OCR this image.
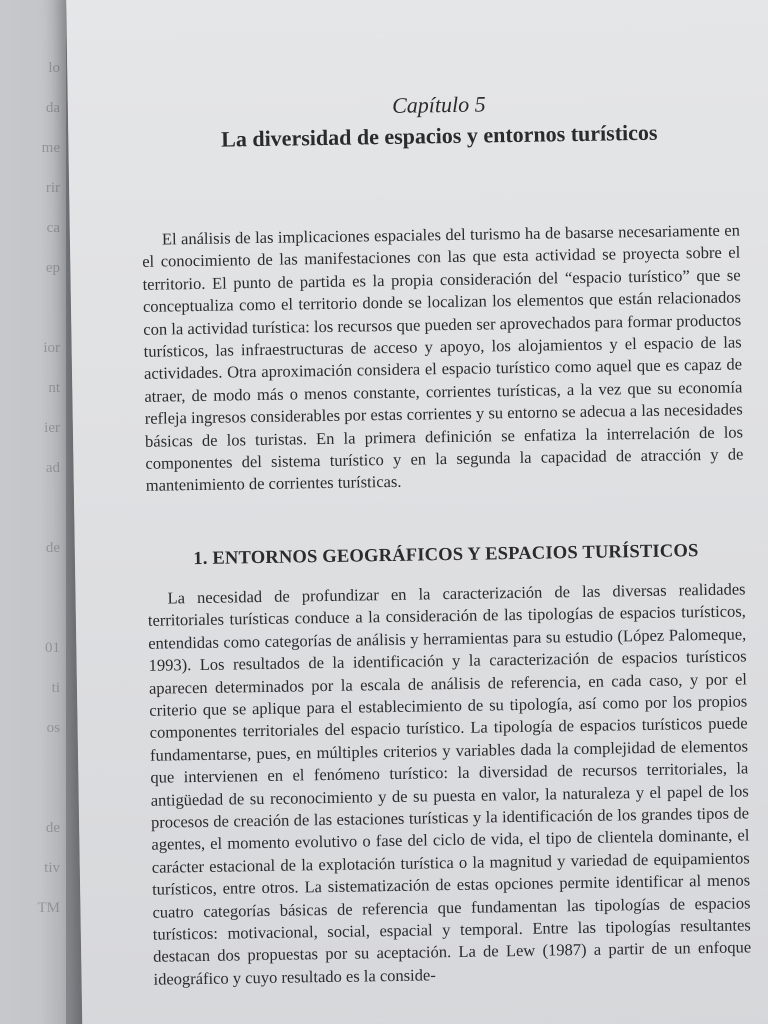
lo
da
me
rir
ca
ep
ior
nt
ier
ad
de
01
ti
os
de
tiv
TM

Capítulo 5

La diversidad de espacios y entornos turísticos

El análisis de las implicaciones espaciales del turismo ha de basarse necesariamente en el conocimiento de las manifestaciones con las que esta actividad se proyecta sobre el territorio. El punto de partida es la propia consideración del “espacio turístico” que se conceptualiza como el territorio donde se localizan los elementos que están relacionados con la actividad turística: los recursos que pueden ser aprovechados para formar productos turísticos, las infraestructuras de acceso y apoyo, los alojamientos y el espacio de las actividades. Otra aproximación considera el espacio turístico como aquel que es capaz de atraer, de modo más o menos constante, corrientes turísticas, a la vez que su economía refleja ingresos considerables por estas corrientes y su entorno se adecua a las necesidades básicas de los turistas. En la primera definición se enfatiza la interrelación de los componentes del sistema turístico y en la segunda la capacidad de atracción y de mantenimiento de corrientes turísticas.

1. ENTORNOS GEOGRÁFICOS Y ESPACIOS TURÍSTICOS

La necesidad de profundizar en la caracterización de las diversas realidades territoriales turísticas conduce a la consideración de las tipologías de espacios turísticos, entendidas como categorías de análisis y herramientas para su estudio (López Palomeque, 1993). Los resultados de la identificación y la caracterización de espacios turísticos aparecen determinados por la escala de análisis de referencia, en cada caso, y por el criterio que se aplique para el establecimiento de su tipología, así como por los propios componentes territoriales del espacio turístico. La tipología de espacios turísticos puede fundamentarse, pues, en múltiples criterios y variables dada la complejidad de elementos que intervienen en el fenómeno turístico: la diversidad de recursos territoriales, la antigüedad de su reconocimiento y de su puesta en valor, la naturaleza y el papel de los procesos de creación de las estaciones turísticas y la identificación de los grandes tipos de agentes, el momento evolutivo o fase del ciclo de vida, el tipo de clientela dominante, el carácter estacional de la explotación turística o la magnitud y variedad de equipamientos turísticos, entre otros. La sistematización de estas opciones permite identificar al menos cuatro categorías básicas de referencia que fundamentan las tipologías de espacios turísticos: motivacional, social, espacial y temporal. Entre las tipologías resultantes destacan dos propuestas por su aceptación. La de Lew (1987) a partir de un enfoque ideográfico y cuyo resultado es la conside-
